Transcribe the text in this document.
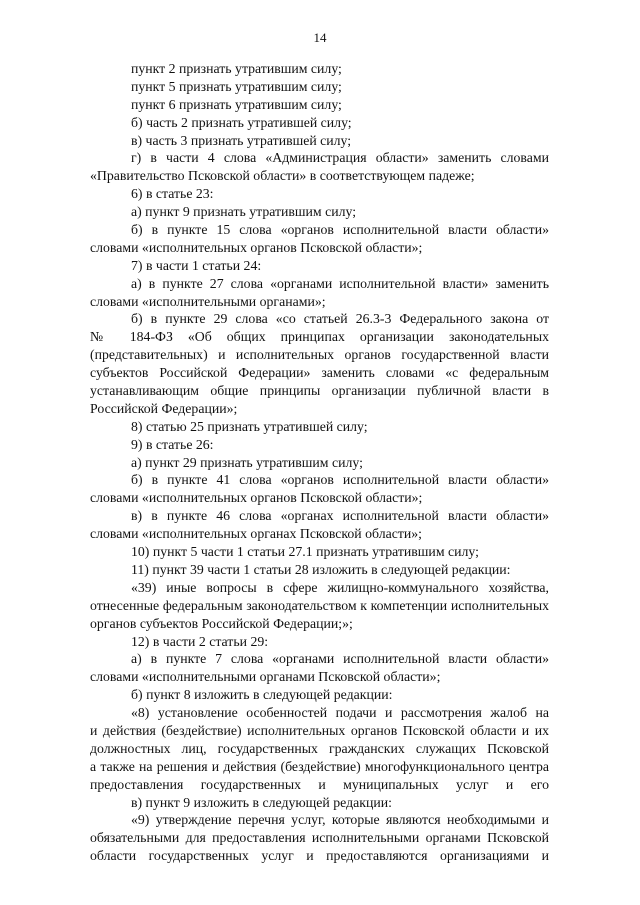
14
пункт 2 признать утратившим силу;
пункт 5 признать утратившим силу;
пункт 6 признать утратившим силу;
б) часть 2 признать утратившей силу;
в) часть 3 признать утратившей силу;
г) в части 4 слова «Администрация области» заменить словами
«Правительство Псковской области» в соответствующем падеже;
6) в статье 23:
а) пункт 9 признать утратившим силу;
б) в пункте 15 слова «органов исполнительной власти области»
словами «исполнительных органов Псковской области»;
7) в части 1 статьи 24:
а) в пункте 27 слова «органами исполнительной власти» заменить
словами «исполнительными органами»;
б) в пункте 29 слова «со статьей 26.3-3 Федерального закона от
№ 184-ФЗ «Об общих принципах организации законодательных
(представительных) и исполнительных органов государственной власти
субъектов Российской Федерации» заменить словами «с федеральным
устанавливающим общие принципы организации публичной власти в
Российской Федерации»;
8) статью 25 признать утратившей силу;
9) в статье 26:
а) пункт 29 признать утратившим силу;
б) в пункте 41 слова «органов исполнительной власти области»
словами «исполнительных органов Псковской области»;
в) в пункте 46 слова «органах исполнительной власти области»
словами «исполнительных органах Псковской области»;
10) пункт 5 части 1 статьи 27.1 признать утратившим силу;
11) пункт 39 части 1 статьи 28 изложить в следующей редакции:
«39) иные вопросы в сфере жилищно-коммунального хозяйства,
отнесенные федеральным законодательством к компетенции исполнительных
органов субъектов Российской Федерации;»;
12) в части 2 статьи 29:
а) в пункте 7 слова «органами исполнительной власти области»
словами «исполнительными органами Псковской области»;
б) пункт 8 изложить в следующей редакции:
«8) установление особенностей подачи и рассмотрения жалоб на
и действия (бездействие) исполнительных органов Псковской области и их
должностных лиц, государственных гражданских служащих Псковской
а также на решения и действия (бездействие) многофункционального центра
предоставления государственных и муниципальных услуг и его
в) пункт 9 изложить в следующей редакции:
«9) утверждение перечня услуг, которые являются необходимыми и
обязательными для предоставления исполнительными органами Псковской
области государственных услуг и предоставляются организациями и
